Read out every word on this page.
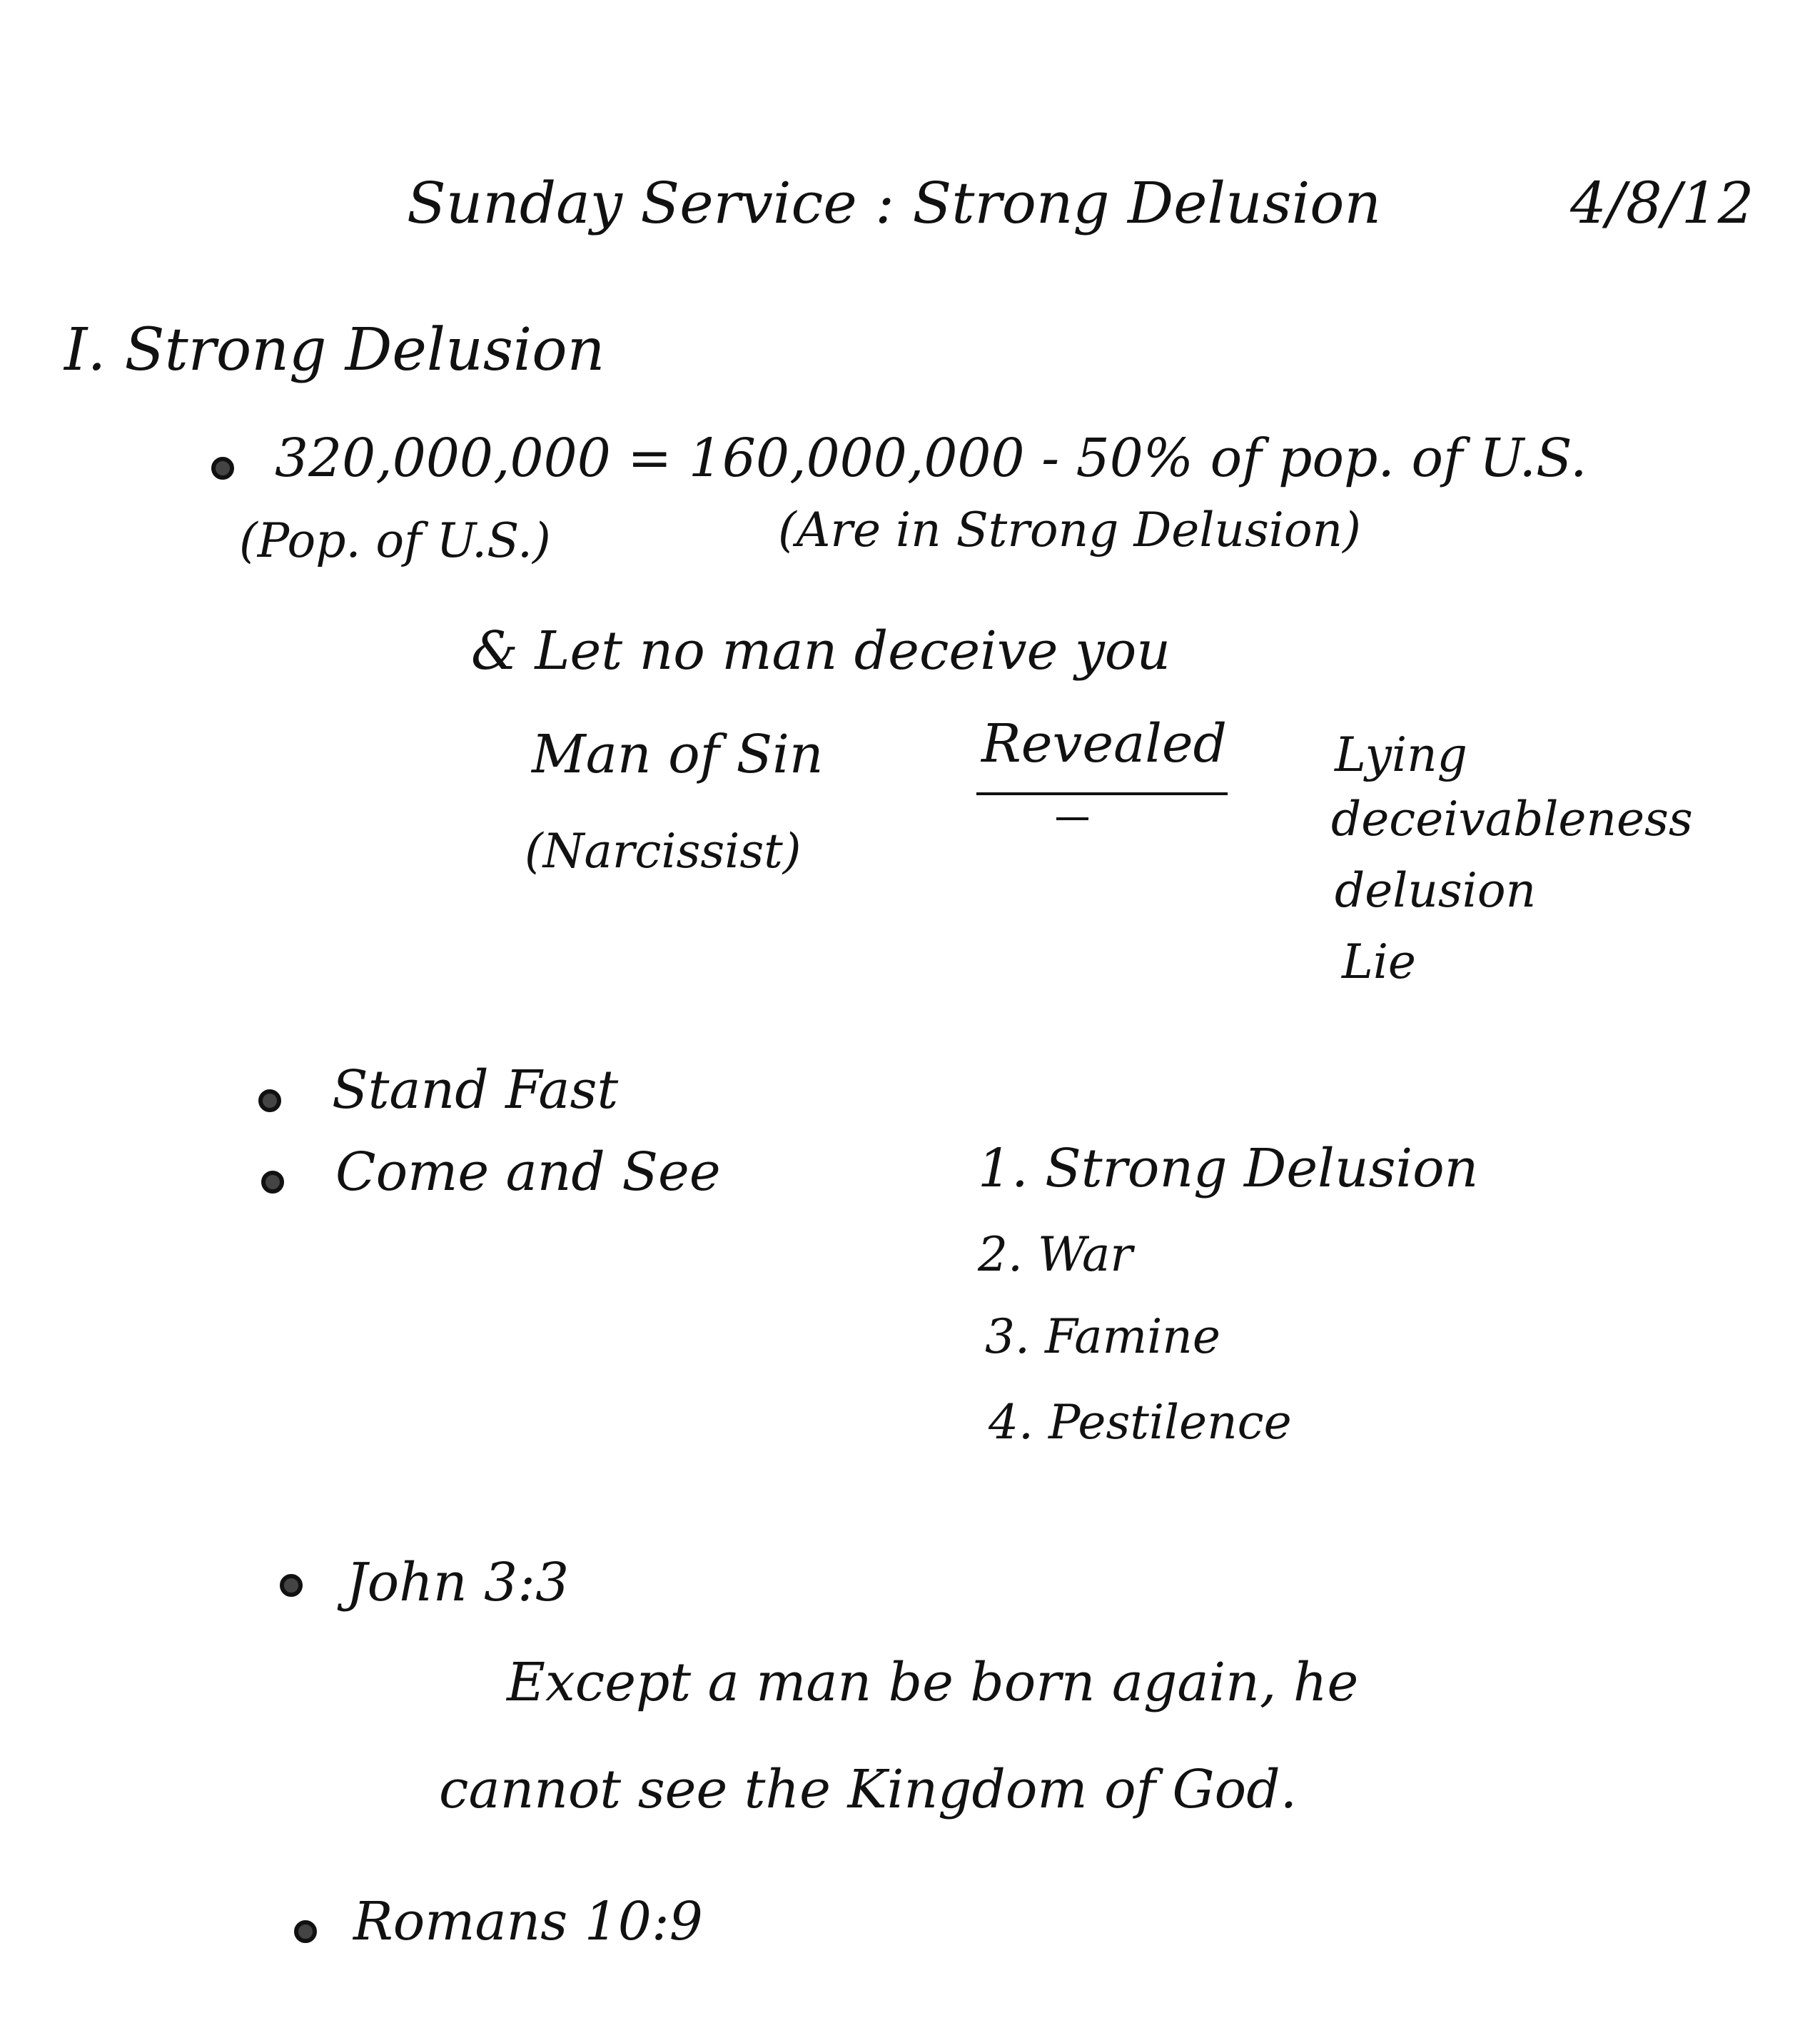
Sunday Service : Strong Delusion	4/8/12
I. Strong Delusion
320,000,000 = 160,000,000 - 50% of pop. of U.S.
(Pop. of U.S.)	(Are in Strong Delusion)
& Let no man deceive you
Man of Sin
(Narcissist)
Revealed Lying
deceivableness
delusion
Lie
Stand Fast
Come and See	1. Strong Delusion
2. War
3. Famine
4. Pestilence
John 3:3
Except a man be born again, he
cannot see the Kingdom of God.
Romans 10:9
